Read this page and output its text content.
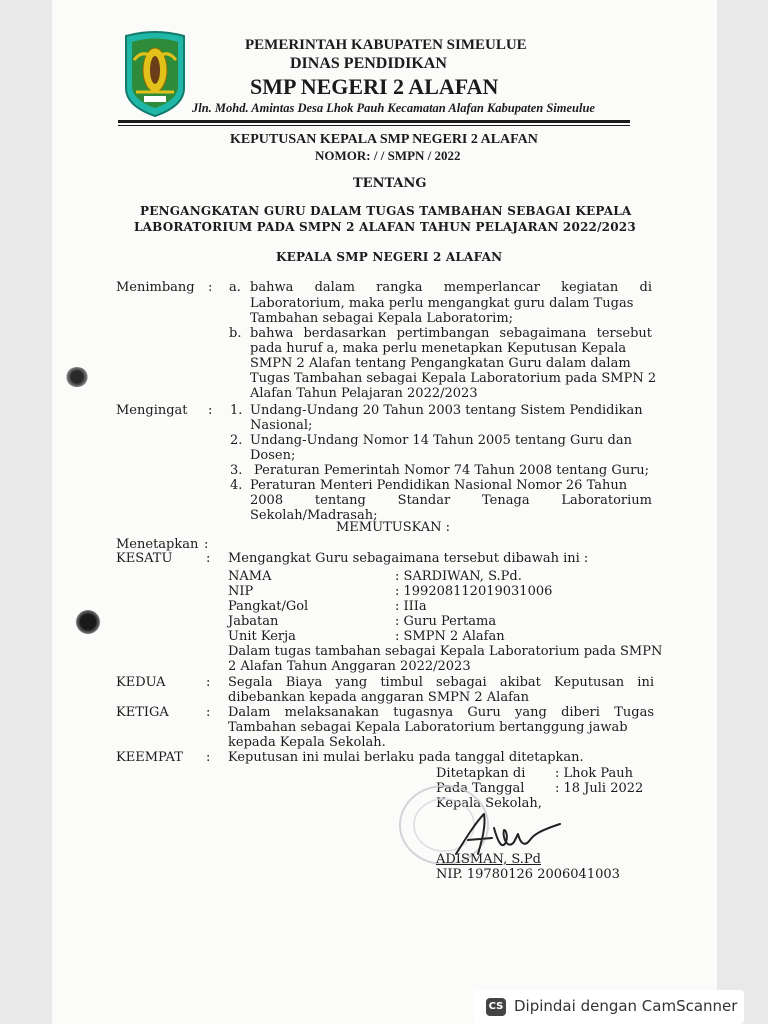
PEMERINTAH KABUPATEN SIMEULUE
DINAS PENDIDIKAN
SMP NEGERI 2 ALAFAN
Jln. Mohd. Amintas Desa Lhok Pauh Kecamatan Alafan Kabupaten Simeulue
KEPUTUSAN KEPALA SMP NEGERI 2 ALAFAN
NOMOR: / / SMPN / 2022
TENTANG
PENGANGKATAN GURU DALAM TUGAS TAMBAHAN SEBAGAI KEPALA
LABORATORIUM PADA SMPN 2 ALAFAN TAHUN PELAJARAN 2022/2023
KEPALA SMP NEGERI 2 ALAFAN
Menimbang : a. bahwa dalam rangka memperlancar kegiatan di
Laboratorium, maka perlu mengangkat guru dalam Tugas
Tambahan sebagai Kepala Laboratorim;
b. bahwa berdasarkan pertimbangan sebagaimana tersebut
pada huruf a, maka perlu menetapkan Keputusan Kepala
SMPN 2 Alafan tentang Pengangkatan Guru dalam dalam
Tugas Tambahan sebagai Kepala Laboratorium pada SMPN 2
Alafan Tahun Pelajaran 2022/2023
Mengingat : 1. Undang-Undang 20 Tahun 2003 tentang Sistem Pendidikan
Nasional;
2. Undang-Undang Nomor 14 Tahun 2005 tentang Guru dan
Dosen;
3. Peraturan Pemerintah Nomor 74 Tahun 2008 tentang Guru;
4. Peraturan Menteri Pendidikan Nasional Nomor 26 Tahun
2008 tentang Standar Tenaga Laboratorium
Sekolah/Madrasah;
MEMUTUSKAN :
Menetapkan :
KESATU	: Mengangkat Guru sebagaimana tersebut dibawah ini :
NAMA	: SARDIWAN, S.Pd.
NIP	: 199208112019031006
Pangkat/Gol	: IIIa
Jabatan	: Guru Pertama
Unit Kerja	: SMPN 2 Alafan
Dalam tugas tambahan sebagai Kepala Laboratorium pada SMPN
2 Alafan Tahun Anggaran 2022/2023
KEDUA	: Segala Biaya yang timbul sebagai akibat Keputusan ini
dibebankan kepada anggaran SMPN 2 Alafan
KETIGA	: Dalam melaksanakan tugasnya Guru yang diberi Tugas
Tambahan sebagai Kepala Laboratorium bertanggung jawab
kepada Kepala Sekolah.
KEEMPAT : Keputusan ini mulai berlaku pada tanggal ditetapkan.
Ditetapkan di : Lhok Pauh
Pada Tanggal : 18 Juli 2022
Kepala Sekolah,
ADISMAN, S.Pd
NIP. 19780126 2006041003
CS Dipindai dengan CamScanner
